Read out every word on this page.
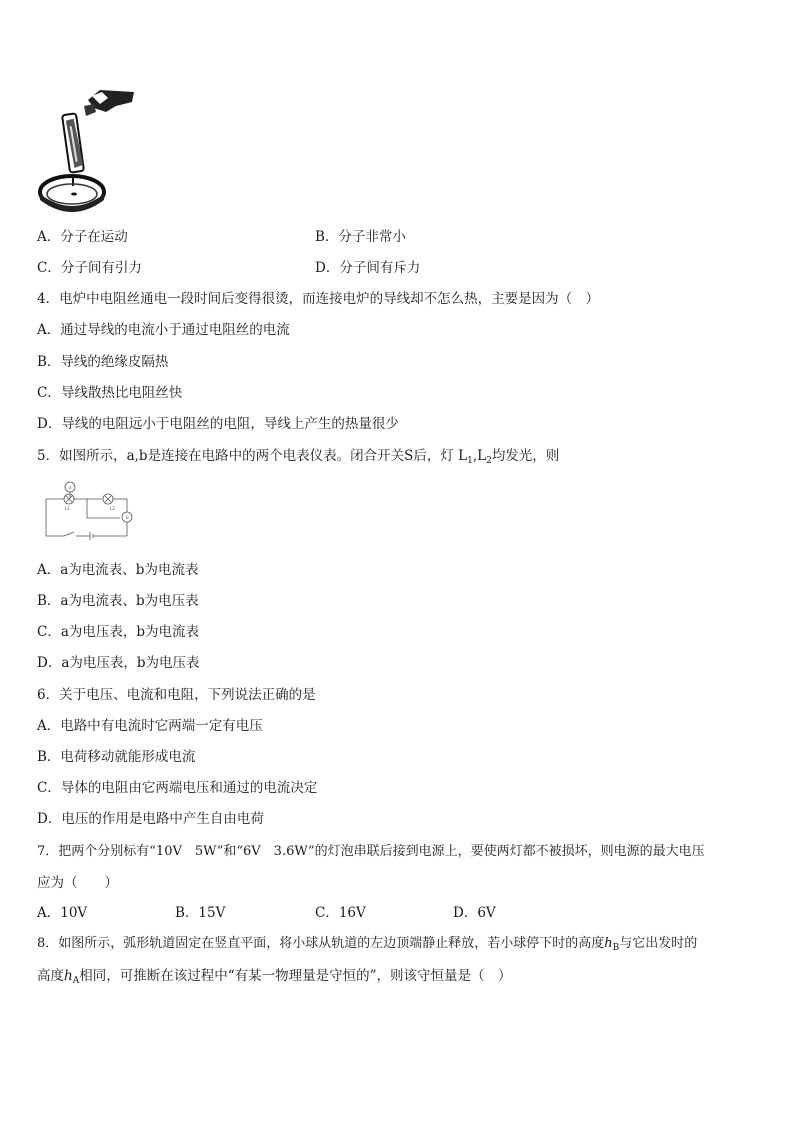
A．分子在运动	B．分子非常小
C．分子间有引力	D．分子间有斥力
4．电炉中电阻丝通电一段时间后变得很烫，而连接电炉的导线却不怎么热，主要是因为（　）
A．通过导线的电流小于通过电阻丝的电流
B．导线的绝缘皮隔热
C．导线散热比电阻丝快
D．导线的电阻远小于电阻丝的电阻，导线上产生的热量很少
5．如图所示，a,b是连接在电路中的两个电表仪表。闭合开关S后，灯 $L_1,L_2$均发光，则
a
b
L1	L2
A．a为电流表、b为电流表
B．a为电流表、b为电压表
C．a为电压表，b为电流表
D．a为电压表，b为电压表
6．关于电压、电流和电阻，下列说法正确的是
A．电路中有电流时它两端一定有电压
B．电荷移动就能形成电流
C．导体的电阻由它两端电压和通过的电流决定
D．电压的作用是电路中产生自由电荷
7．把两个分别标有“10V　5W”和“6V　3.6W”的灯泡串联后接到电源上，要使两灯都不被损坏，则电源的最大电压
应为（　　）
A．10V	B．15V	C．16V	D．6V
8．如图所示，弧形轨道固定在竖直平面，将小球从轨道的左边顶端静止释放，若小球停下时的高度$h_B$与它出发时的
高度$h_A$相同，可推断在该过程中“有某一物理量是守恒的”，则该守恒量是（　）
